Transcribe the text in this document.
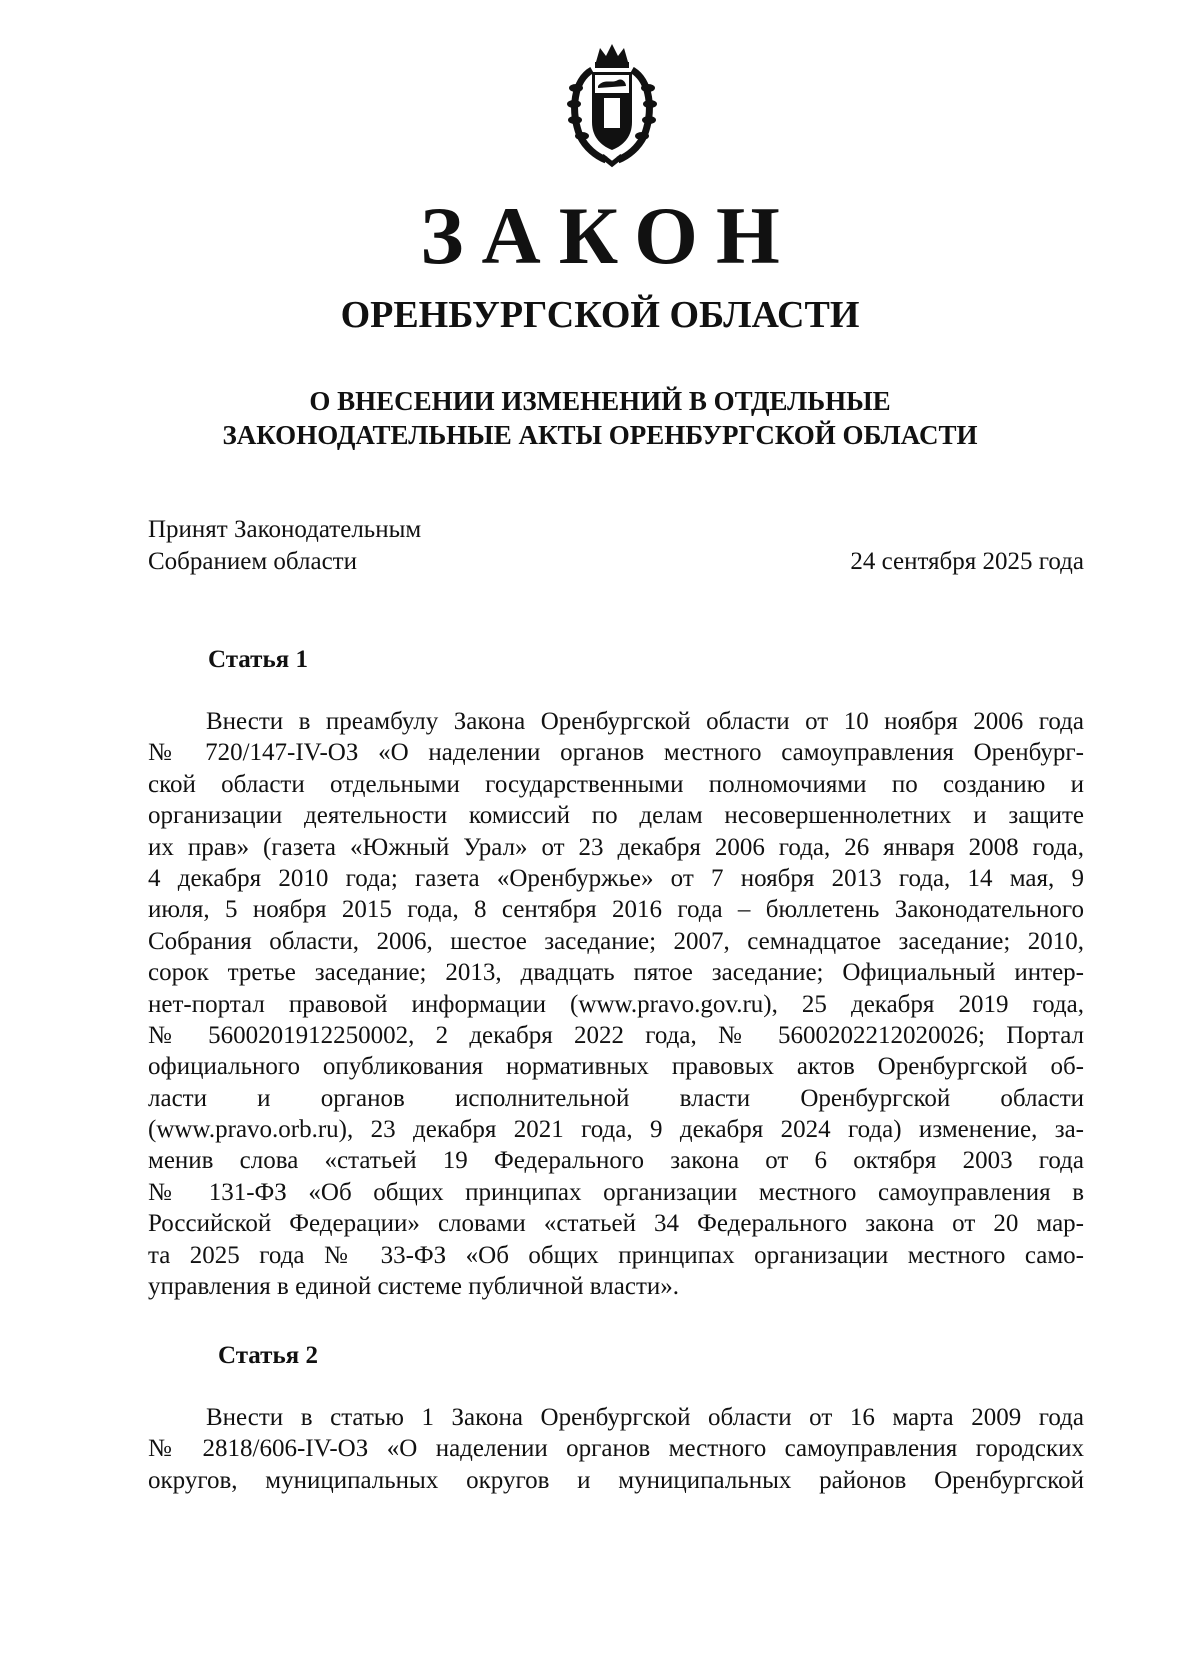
ЗАКОН
ОРЕНБУРГСКОЙ ОБЛАСТИ
О ВНЕСЕНИИ ИЗМЕНЕНИЙ В ОТДЕЛЬНЫЕ
ЗАКОНОДАТЕЛЬНЫЕ АКТЫ ОРЕНБУРГСКОЙ ОБЛАСТИ
Принят Законодательным
Собранием области	24 сентября 2025 года
Статья 1
Внести в преамбулу Закона Оренбургской области от 10 ноября 2006 года
№ 720/147-IV-ОЗ «О наделении органов местного самоуправления Оренбург-
ской области отдельными государственными полномочиями по созданию и
организации деятельности комиссий по делам несовершеннолетних и защите
их прав» (газета «Южный Урал» от 23 декабря 2006 года, 26 января 2008 года,
4 декабря 2010 года; газета «Оренбуржье» от 7 ноября 2013 года, 14 мая, 9
июля, 5 ноября 2015 года, 8 сентября 2016 года – бюллетень Законодательного
Собрания области, 2006, шестое заседание; 2007, семнадцатое заседание; 2010,
сорок третье заседание; 2013, двадцать пятое заседание; Официальный интер-
нет-портал правовой информации (www.pravo.gov.ru), 25 декабря 2019 года,
№ 5600201912250002, 2 декабря 2022 года, № 5600202212020026; Портал
официального опубликования нормативных правовых актов Оренбургской об-
ласти и органов исполнительной власти Оренбургской области
(www.pravo.orb.ru), 23 декабря 2021 года, 9 декабря 2024 года) изменение, за-
менив слова «статьей 19 Федерального закона от 6 октября 2003 года
№ 131-ФЗ «Об общих принципах организации местного самоуправления в
Российской Федерации» словами «статьей 34 Федерального закона от 20 мар-
та 2025 года № 33-ФЗ «Об общих принципах организации местного само-
управления в единой системе публичной власти».
Статья 2
Внести в статью 1 Закона Оренбургской области от 16 марта 2009 года
№ 2818/606-IV-ОЗ «О наделении органов местного самоуправления городских
округов, муниципальных округов и муниципальных районов Оренбургской
